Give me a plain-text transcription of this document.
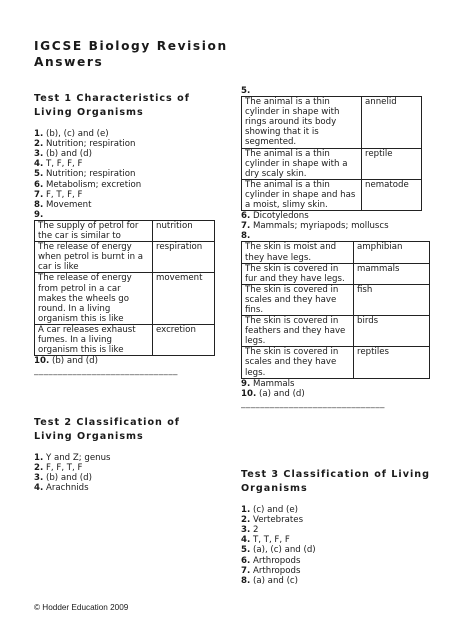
IGCSE Biology Revision Answers
Test 1 Characteristics of Living Organisms
1. (b), (c) and (e)
2. Nutrition; respiration
3. (b) and (d)
4. T, F, F, F
5. Nutrition; respiration
6. Metabolism; excretion
7. F, T, F, F
8. Movement
9.
The supply of petrol for the car is similar to	nutrition
The release of energy when petrol is burnt in a car is like	respiration
The release of energy from petrol in a car makes the wheels go round. In a living organism this is like	movement
A car releases exhaust fumes. In a living organism this is like	excretion
10. (b) and (d)
______________________________
Test 2 Classification of Living Organisms
1. Y and Z; genus
2. F, F, T, F
3. (b) and (d)
4. Arachnids
5.
The animal is a thin cylinder in shape with rings around its body showing that it is segmented.	annelid
The animal is a thin cylinder in shape with a dry scaly skin.	reptile
The animal is a thin cylinder in shape and has a moist, slimy skin.	nematode
6. Dicotyledons
7. Mammals; myriapods; molluscs
8.
The skin is moist and they have legs.	amphibian
The skin is covered in fur and they have legs.	mammals
The skin is covered in scales and they have fins.	fish
The skin is covered in feathers and they have legs.	birds
The skin is covered in scales and they have legs.	reptiles
9. Mammals
10. (a) and (d)
______________________________
Test 3 Classification of Living Organisms
1. (c) and (e)
2. Vertebrates
3. 2
4. T, T, F, F
5. (a), (c) and (d)
6. Arthropods
7. Arthropods
8. (a) and (c)
© Hodder Education 2009
